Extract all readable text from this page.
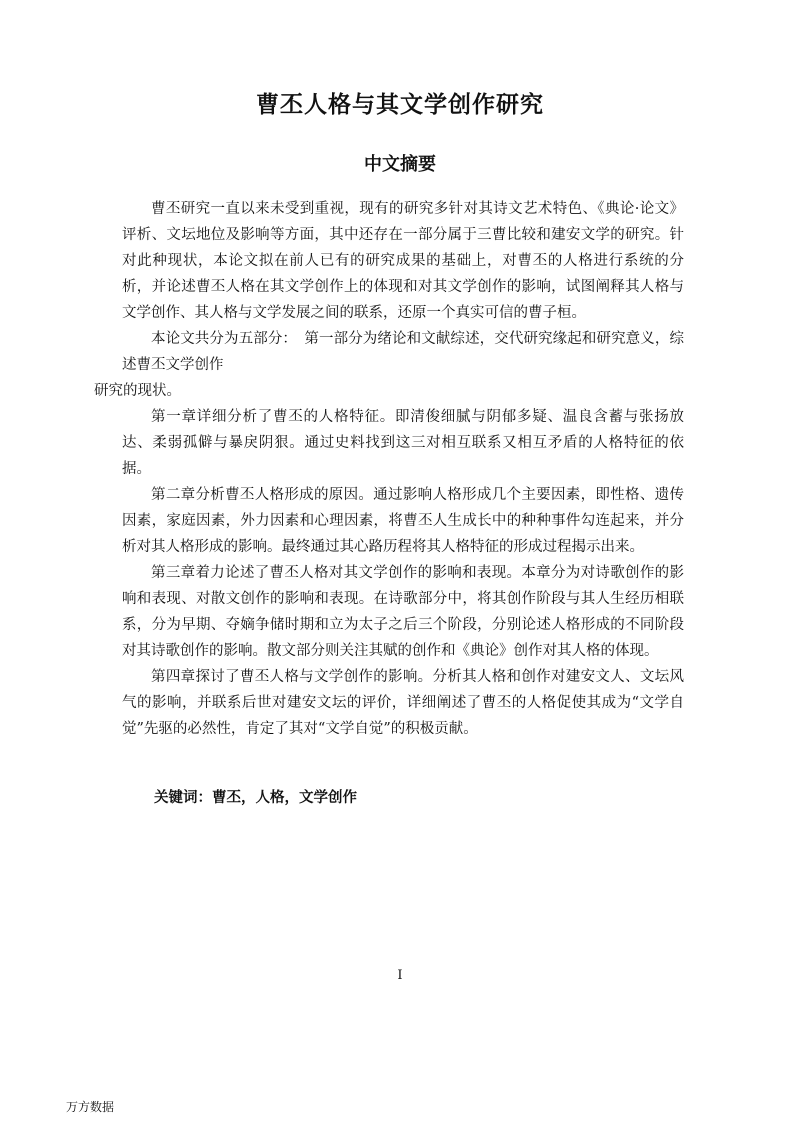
曹丕人格与其文学创作研究
中文摘要

曹丕研究一直以来未受到重视，现有的研究多针对其诗文艺术特色、《典论·论文》评析、文坛地位及影响等方面，其中还存在一部分属于三曹比较和建安文学的研究。针对此种现状，本论文拟在前人已有的研究成果的基础上，对曹丕的人格进行系统的分析，并论述曹丕人格在其文学创作上的体现和对其文学创作的影响，试图阐释其人格与文学创作、其人格与文学发展之间的联系，还原一个真实可信的曹子桓。

本论文共分为五部分：　第一部分为绪论和文献综述，交代研究缘起和研究意义，综述曹丕文学创作

研究的现状。

第一章详细分析了曹丕的人格特征。即清俊细腻与阴郁多疑、温良含蓄与张扬放达、柔弱孤僻与暴戾阴狠。通过史料找到这三对相互联系又相互矛盾的人格特征的依据。

第二章分析曹丕人格形成的原因。通过影响人格形成几个主要因素，即性格、遗传因素，家庭因素，外力因素和心理因素，将曹丕人生成长中的种种事件勾连起来，并分析对其人格形成的影响。最终通过其心路历程将其人格特征的形成过程揭示出来。

第三章着力论述了曹丕人格对其文学创作的影响和表现。本章分为对诗歌创作的影响和表现、对散文创作的影响和表现。在诗歌部分中，将其创作阶段与其人生经历相联系，分为早期、夺嫡争储时期和立为太子之后三个阶段，分别论述人格形成的不同阶段对其诗歌创作的影响。散文部分则关注其赋的创作和《典论》创作对其人格的体现。

第四章探讨了曹丕人格与文学创作的影响。分析其人格和创作对建安文人、文坛风气的影响，并联系后世对建安文坛的评价，详细阐述了曹丕的人格促使其成为“文学自觉”先驱的必然性，肯定了其对“文学自觉”的积极贡献。

关键词：曹丕，人格，文学创作
I
万方数据
